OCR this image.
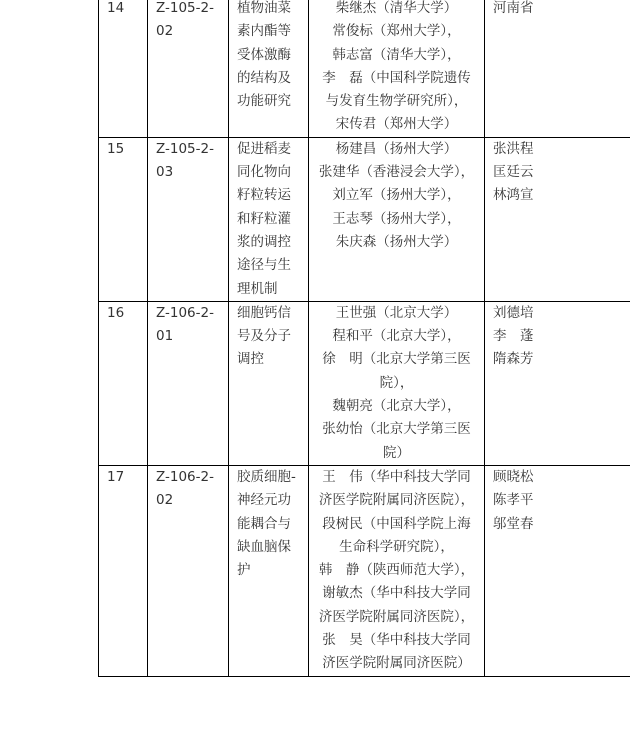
14	Z-105-2-02	植物油菜素内酯等受体激酶的结构及功能研究	柴继杰（清华大学）
常俊标（郑州大学），
韩志富（清华大学），
李　磊（中国科学院遗传与发育生物学研究所），
宋传君（郑州大学）	河南省

15	Z-105-2-03	促进稻麦同化物向籽粒转运和籽粒灌浆的调控途径与生理机制	杨建昌（扬州大学）
张建华（香港浸会大学），
刘立军（扬州大学），
王志琴（扬州大学），
朱庆森（扬州大学）	张洪程
匡廷云
林鸿宣

16	Z-106-2-01	细胞钙信号及分子调控	王世强（北京大学）
程和平（北京大学），
徐　明（北京大学第三医院），
魏朝亮（北京大学），
张幼怡（北京大学第三医院）	刘德培
李　蓬
隋森芳

17	Z-106-2-02	胶质细胞-神经元功能耦合与缺血脑保护	王　伟（华中科技大学同济医学院附属同济医院），
段树民（中国科学院上海生命科学研究院），
韩　静（陕西师范大学），
谢敏杰（华中科技大学同济医学院附属同济医院），
张　昊（华中科技大学同济医学院附属同济医院）	顾晓松
陈孝平
邬堂春
